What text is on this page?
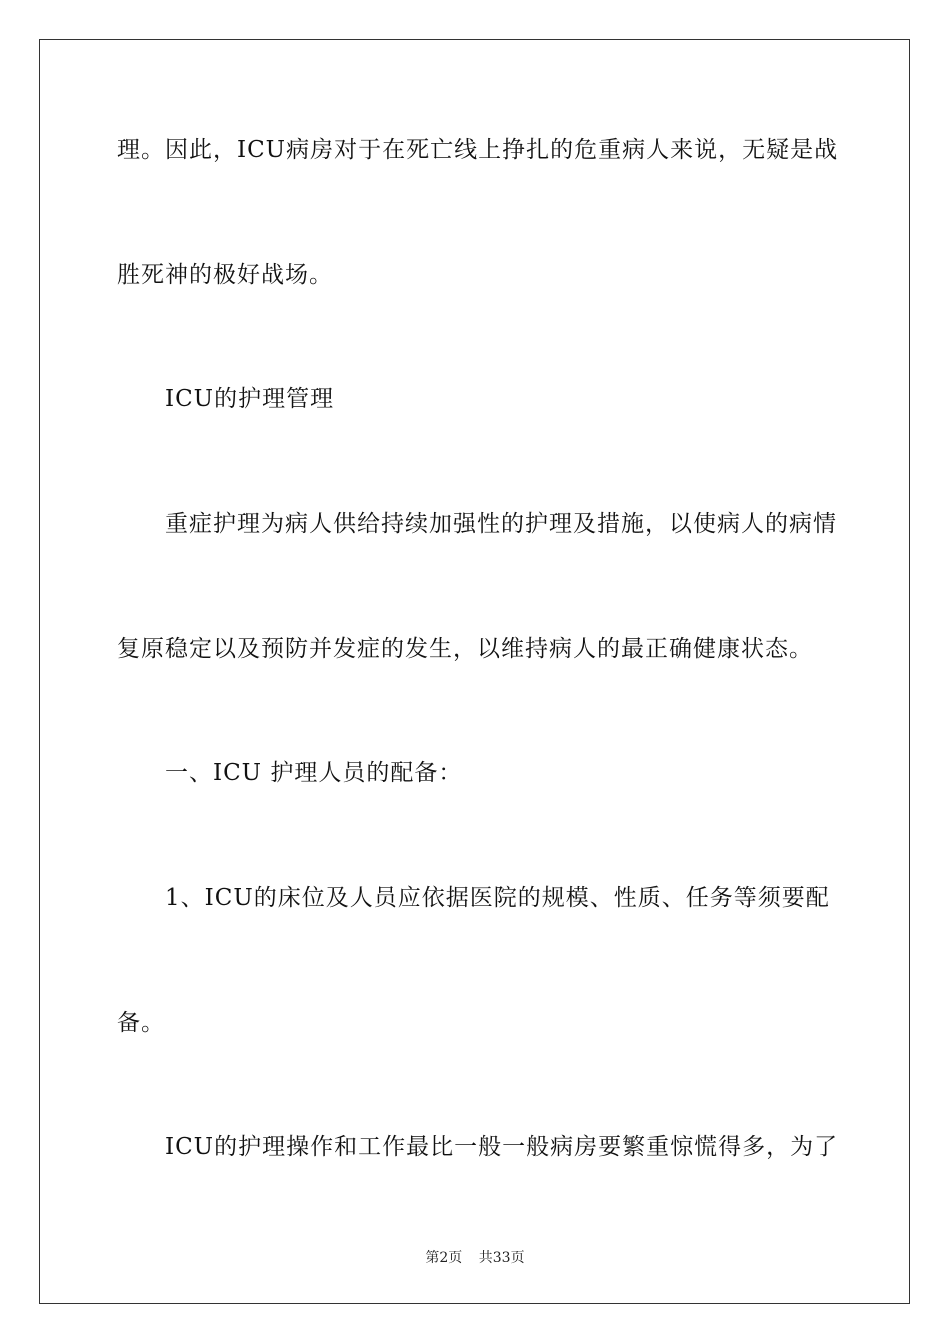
理。因此，ICU病房对于在死亡线上挣扎的危重病人来说，无疑是战
胜死神的极好战场。
ICU的护理管理
重症护理为病人供给持续加强性的护理及措施，以使病人的病情
复原稳定以及预防并发症的发生，以维持病人的最正确健康状态。
一、ICU 护理人员的配备：
1、ICU的床位及人员应依据医院的规模、性质、任务等须要配
备。
ICU的护理操作和工作最比一般一般病房要繁重惊慌得多，为了
第2页 共33页
